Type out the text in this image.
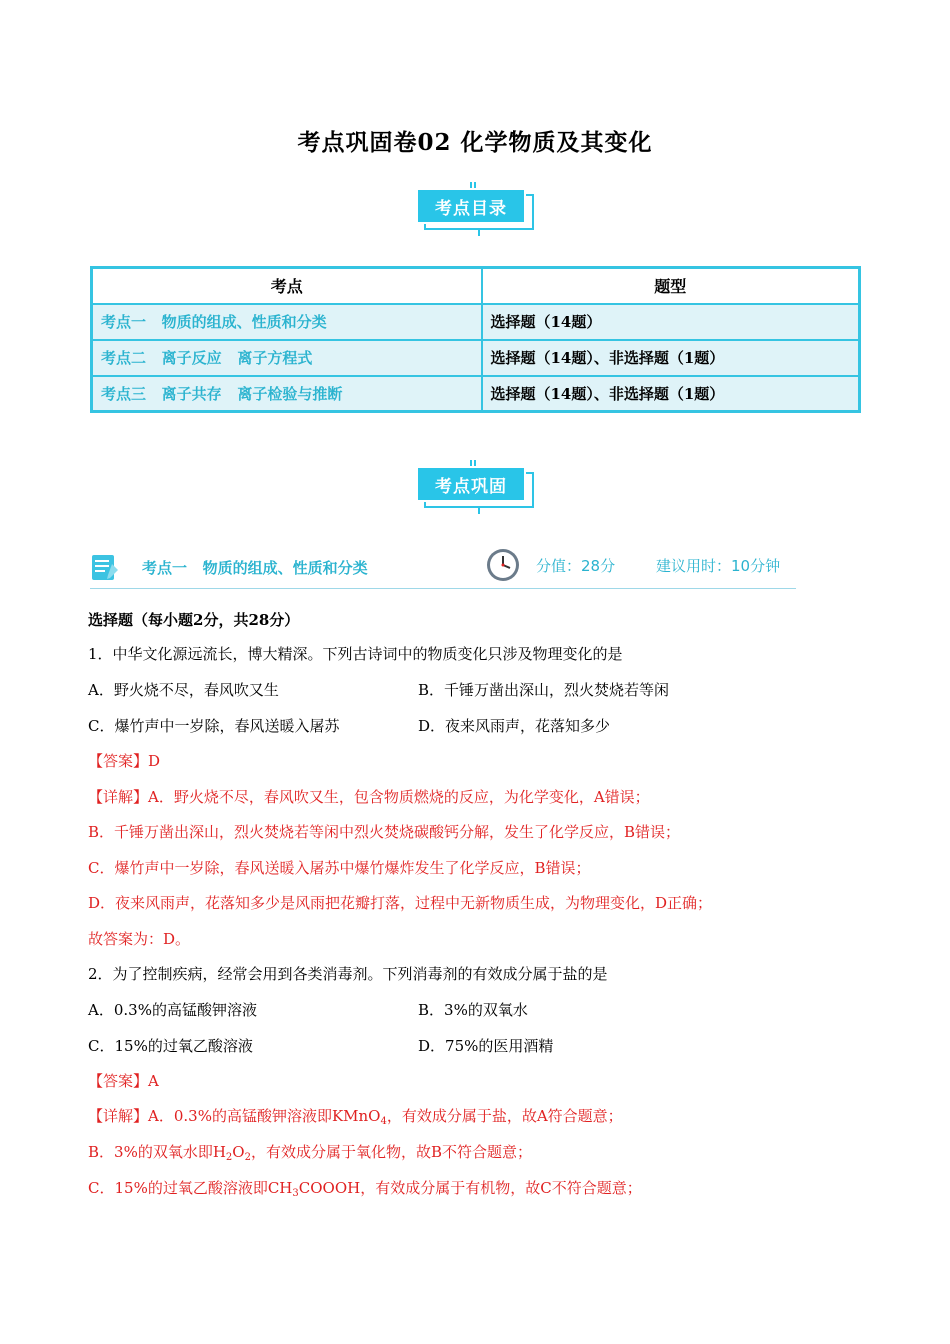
考点巩固卷02 化学物质及其变化
考点目录
考点	题型
考点一   物质的组成、性质和分类	选择题（14题）
考点二   离子反应   离子方程式	选择题（14题）、非选择题（1题）
考点三   离子共存   离子检验与推断	选择题（14题）、非选择题（1题）
考点巩固
考点一   物质的组成、性质和分类	分值：28分	建议用时：10分钟
选择题（每小题2分，共28分）
1．中华文化源远流长，博大精深。下列古诗词中的物质变化只涉及物理变化的是
A．野火烧不尽，春风吹又生	B．千锤万凿出深山，烈火焚烧若等闲
C．爆竹声中一岁除，春风送暖入屠苏	D．夜来风雨声，花落知多少
【答案】D
【详解】A．野火烧不尽，春风吹又生，包含物质燃烧的反应，为化学变化，A错误；
B．千锤万凿出深山，烈火焚烧若等闲中烈火焚烧碳酸钙分解，发生了化学反应，B错误；
C．爆竹声中一岁除，春风送暖入屠苏中爆竹爆炸发生了化学反应，B错误；
D．夜来风雨声，花落知多少是风雨把花瓣打落，过程中无新物质生成，为物理变化，D正确；
故答案为：D。
2．为了控制疾病，经常会用到各类消毒剂。下列消毒剂的有效成分属于盐的是
A．0.3%的高锰酸钾溶液	B．3%的双氧水
C．15%的过氧乙酸溶液	D．75%的医用酒精
【答案】A
【详解】A．0.3%的高锰酸钾溶液即KMnO$_4$，有效成分属于盐，故A符合题意；
B．3%的双氧水即$H_2O_2$，有效成分属于氧化物，故B不符合题意；
C．15%的过氧乙酸溶液即$CH_3COOOH$，有效成分属于有机物，故C不符合题意；
